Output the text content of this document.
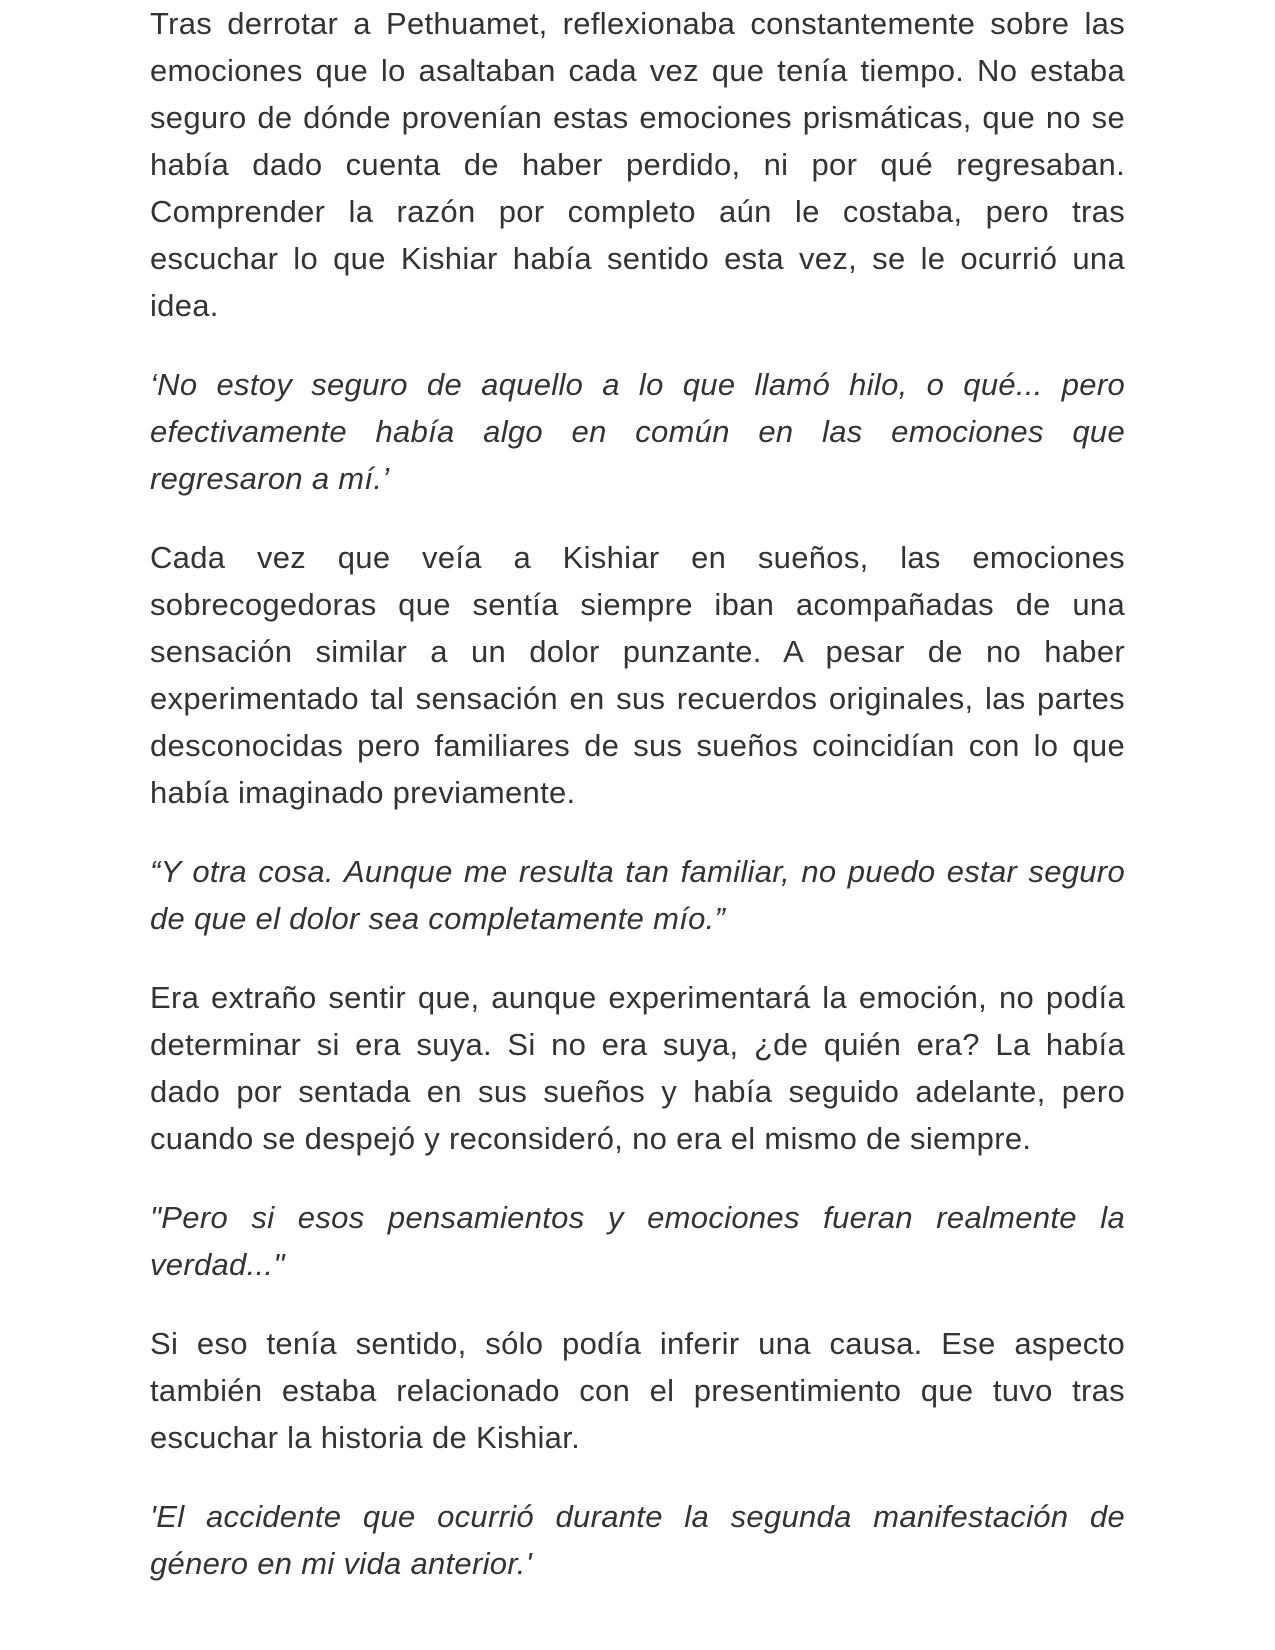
Tras derrotar a Pethuamet, reflexionaba constantemente sobre las emociones que lo asaltaban cada vez que tenía tiempo. No estaba seguro de dónde provenían estas emociones prismáticas, que no se había dado cuenta de haber perdido, ni por qué regresaban. Comprender la razón por completo aún le costaba, pero tras escuchar lo que Kishiar había sentido esta vez, se le ocurrió una idea.

‘No estoy seguro de aquello a lo que llamó hilo, o qué... pero efectivamente había algo en común en las emociones que regresaron a mí.’

Cada vez que veía a Kishiar en sueños, las emociones sobrecogedoras que sentía siempre iban acompañadas de una sensación similar a un dolor punzante. A pesar de no haber experimentado tal sensación en sus recuerdos originales, las partes desconocidas pero familiares de sus sueños coincidían con lo que había imaginado previamente.

“Y otra cosa. Aunque me resulta tan familiar, no puedo estar seguro de que el dolor sea completamente mío.”

Era extraño sentir que, aunque experimentará la emoción, no podía determinar si era suya. Si no era suya, ¿de quién era? La había dado por sentada en sus sueños y había seguido adelante, pero cuando se despejó y reconsideró, no era el mismo de siempre.

"Pero si esos pensamientos y emociones fueran realmente la verdad..."

Si eso tenía sentido, sólo podía inferir una causa. Ese aspecto también estaba relacionado con el presentimiento que tuvo tras escuchar la historia de Kishiar.

'El accidente que ocurrió durante la segunda manifestación de género en mi vida anterior.'
